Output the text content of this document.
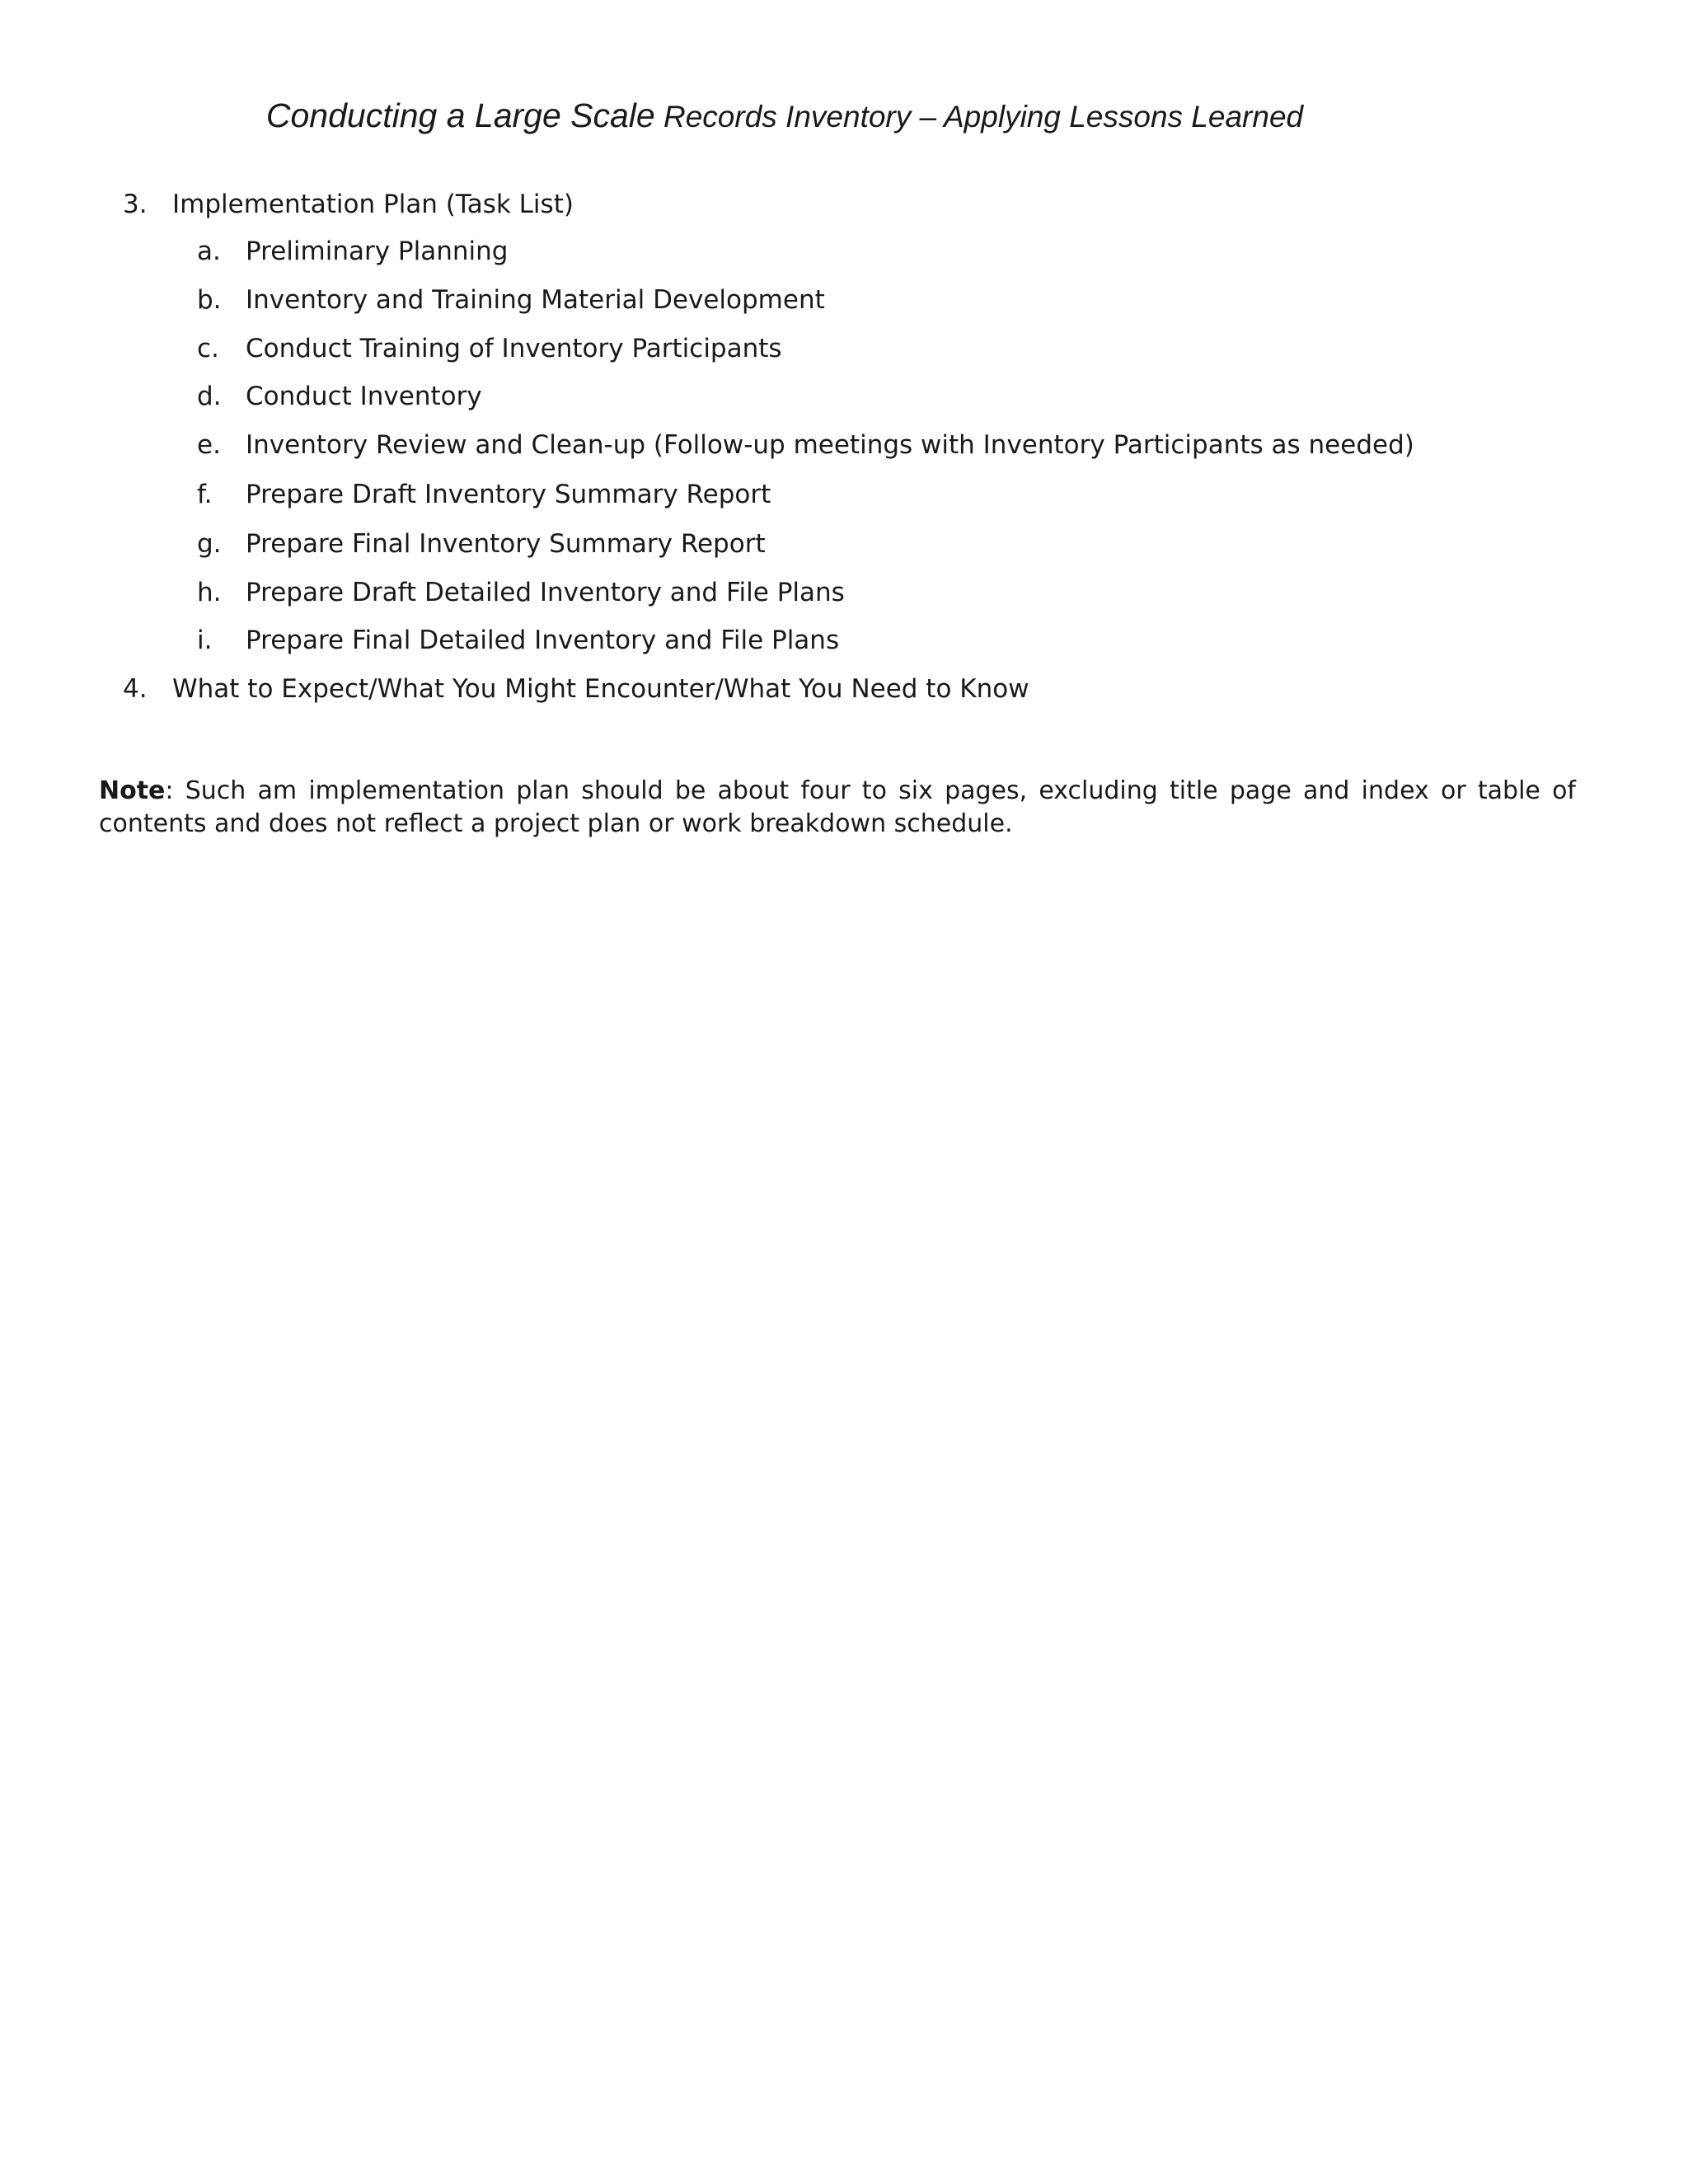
Conducting a Large Scale Records Inventory – Applying Lessons Learned
3. Implementation Plan (Task List)
a. Preliminary Planning
b. Inventory and Training Material Development
c. Conduct Training of Inventory Participants
d. Conduct Inventory
e. Inventory Review and Clean-up (Follow-up meetings with Inventory Participants as needed)
f. Prepare Draft Inventory Summary Report
g. Prepare Final Inventory Summary Report
h. Prepare Draft Detailed Inventory and File Plans
i. Prepare Final Detailed Inventory and File Plans
4. What to Expect/What You Might Encounter/What You Need to Know
Note: Such am implementation plan should be about four to six pages, excluding title page and index or table of contents and does not reflect a project plan or work breakdown schedule.
